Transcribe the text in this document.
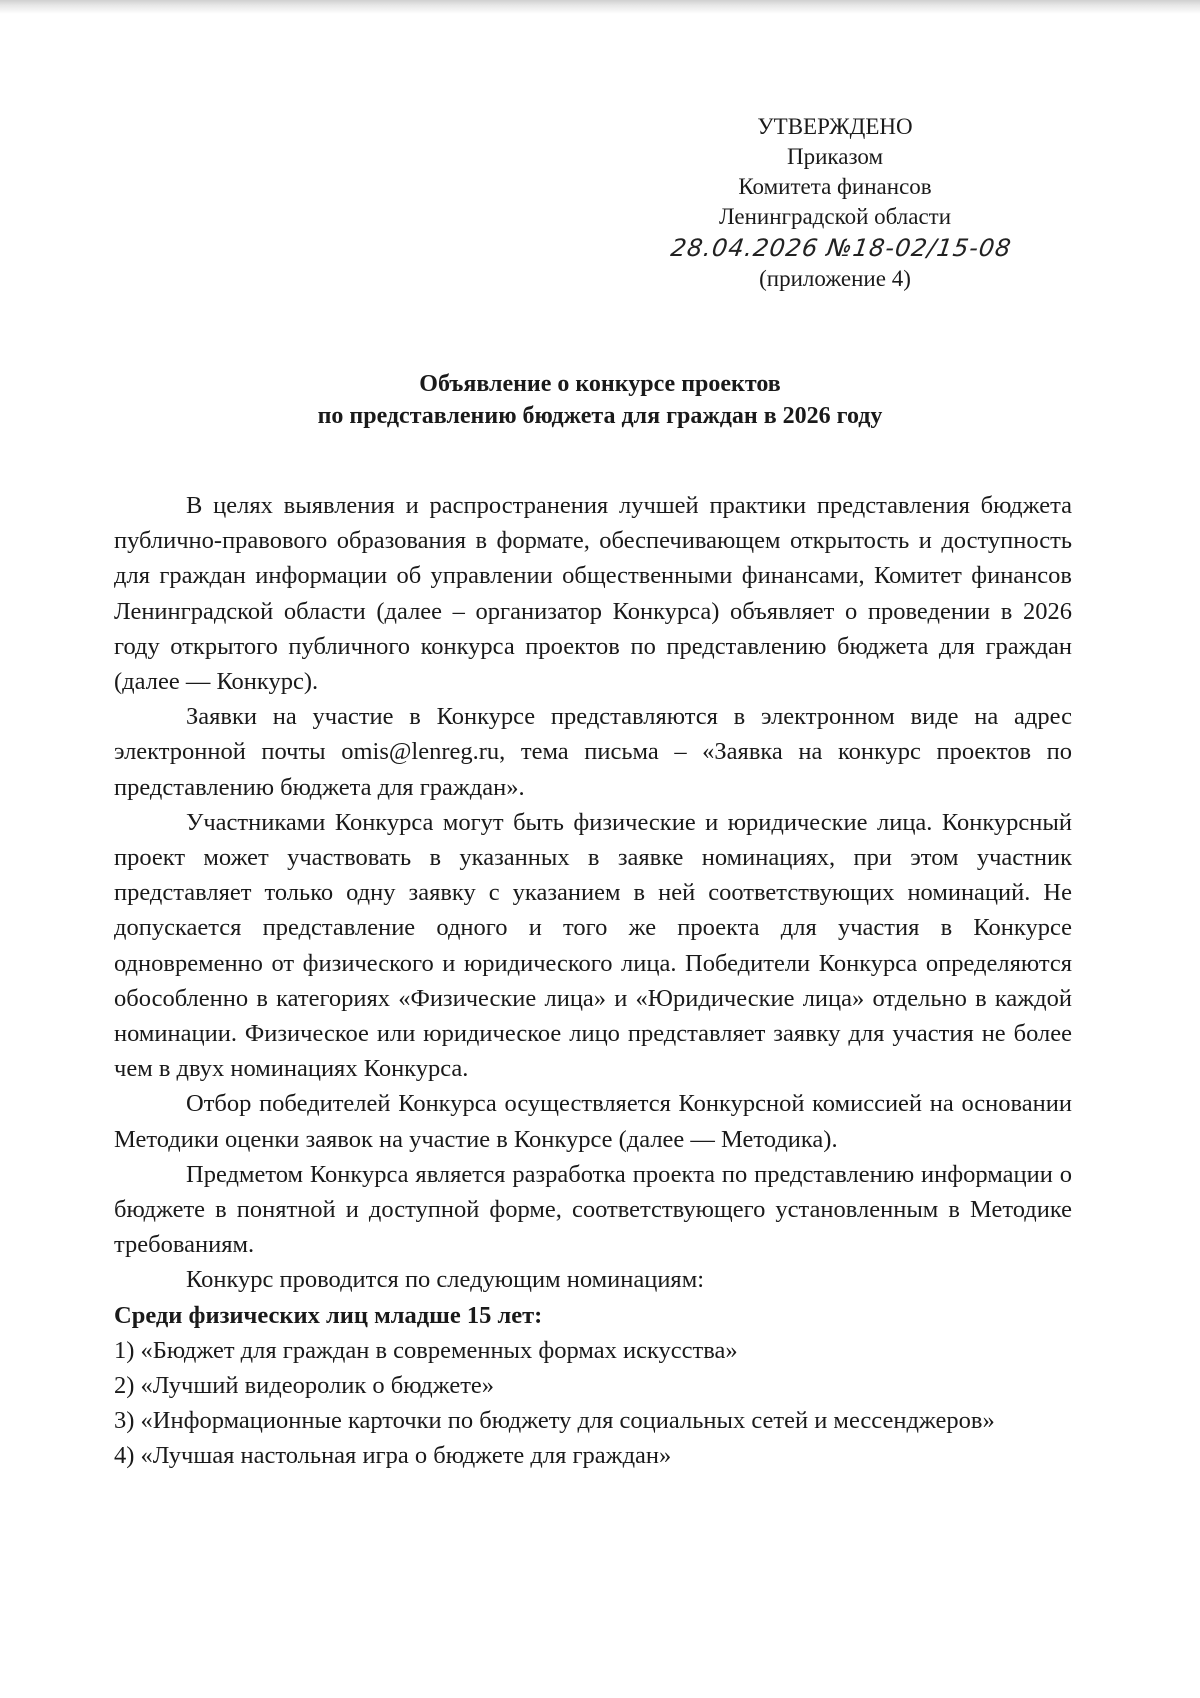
УТВЕРЖДЕНО
Приказом
Комитета финансов
Ленинградской области
28.04.2026 №18-02/15-08
(приложение 4)
Объявление о конкурсе проектов
по представлению бюджета для граждан в 2026 году

В целях выявления и распространения лучшей практики представления бюджета публично-правового образования в формате, обеспечивающем открытость и доступность для граждан информации об управлении общественными финансами, Комитет финансов Ленинградской области (далее – организатор Конкурса) объявляет о проведении в 2026 году открытого публичного конкурса проектов по представлению бюджета для граждан (далее — Конкурс).

Заявки на участие в Конкурсе представляются в электронном виде на адрес электронной почты omis@lenreg.ru, тема письма – «Заявка на конкурс проектов по представлению бюджета для граждан».

Участниками Конкурса могут быть физические и юридические лица. Конкурсный проект может участвовать в указанных в заявке номинациях, при этом участник представляет только одну заявку с указанием в ней соответствующих номинаций. Не допускается представление одного и того же проекта для участия в Конкурсе одновременно от физического и юридического лица. Победители Конкурса определяются обособленно в категориях «Физические лица» и «Юридические лица» отдельно в каждой номинации. Физическое или юридическое лицо представляет заявку для участия не более чем в двух номинациях Конкурса.

Отбор победителей Конкурса осуществляется Конкурсной комиссией на основании Методики оценки заявок на участие в Конкурсе (далее — Методика).

Предметом Конкурса является разработка проекта по представлению информации о бюджете в понятной и доступной форме, соответствующего установленным в Методике требованиям.

Конкурс проводится по следующим номинациям:

Среди физических лиц младше 15 лет:
1) «Бюджет для граждан в современных формах искусства»
2) «Лучший видеоролик о бюджете»
3) «Информационные карточки по бюджету для социальных сетей и мессенджеров»
4) «Лучшая настольная игра о бюджете для граждан»
